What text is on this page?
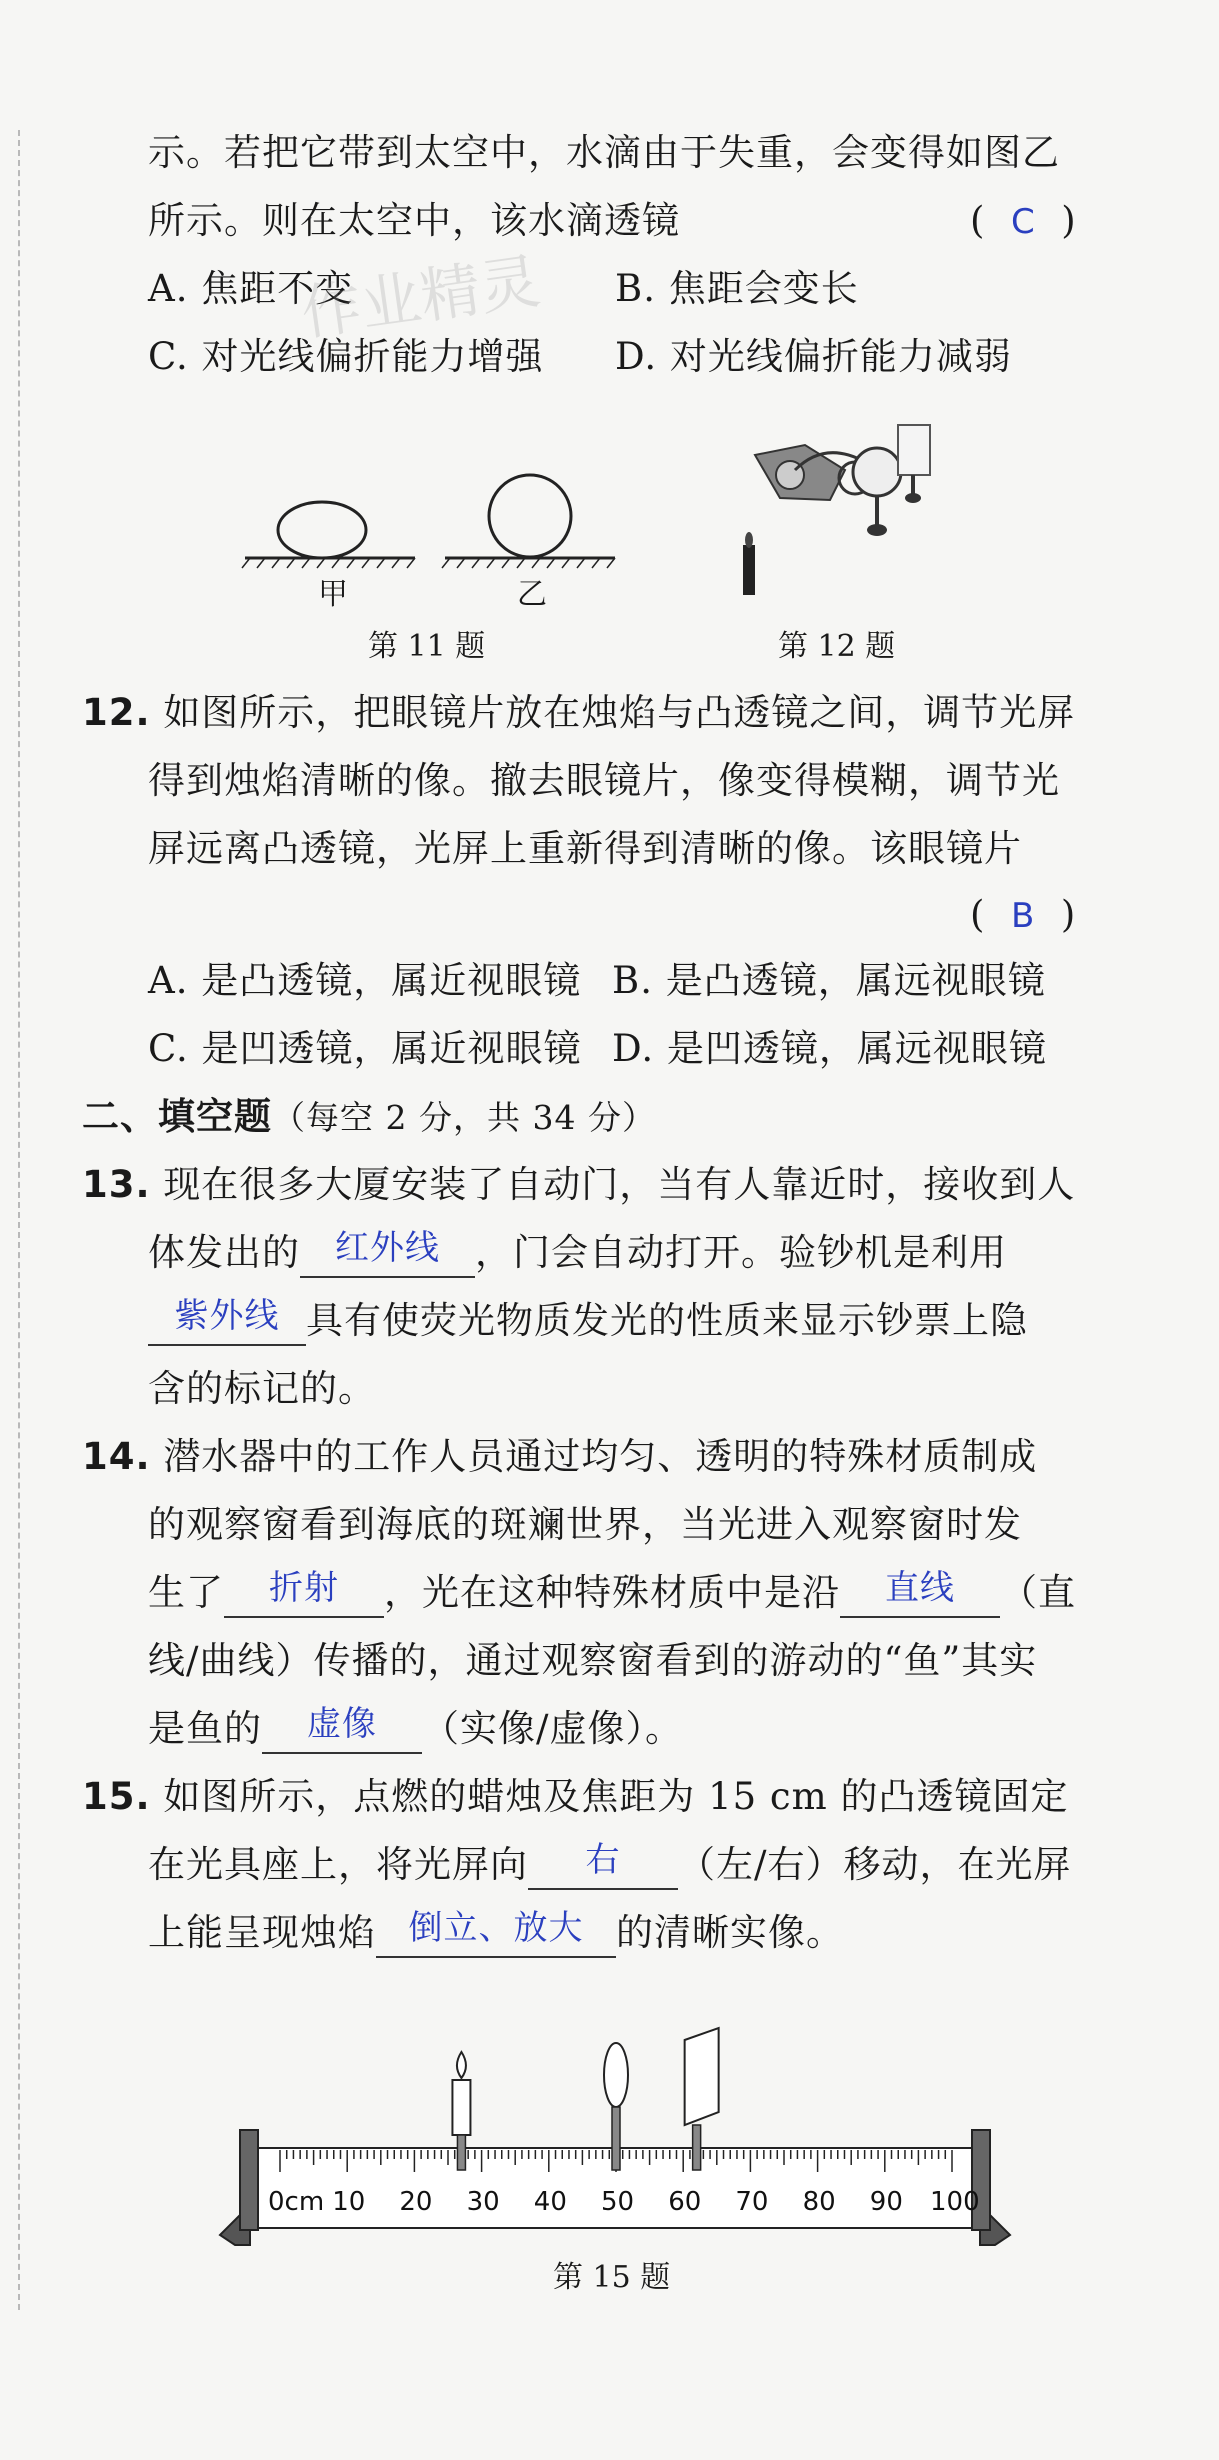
示。若把它带到太空中，水滴由于失重，会变得如图乙
所示。则在太空中，该水滴透镜	(  C  )
A. 焦距不变	B. 焦距会变长
C. 对光线偏折能力增强 D. 对光线偏折能力减弱
作业精灵
甲	乙
第 11 题	第 12 题
12. 如图所示，把眼镜片放在烛焰与凸透镜之间，调节光屏
得到烛焰清晰的像。撤去眼镜片，像变得模糊，调节光
屏远离凸透镜，光屏上重新得到清晰的像。该眼镜片
(  B  )
A. 是凸透镜，属近视眼镜 B. 是凸透镜，属远视眼镜
C. 是凹透镜，属近视眼镜 D. 是凹透镜，属远视眼镜
二、填空题（每空 2 分，共 34 分）
13. 现在很多大厦安装了自动门，当有人靠近时，接收到人
体发出的 红外线 ，门会自动打开。验钞机是利用
紫外线 具有使荧光物质发光的性质来显示钞票上隐
含的标记的。
14. 潜水器中的工作人员通过均匀、透明的特殊材质制成
的观察窗看到海底的斑斓世界，当光进入观察窗时发
生了 折射 ，光在这种特殊材质中是沿 直线 （直
线/曲线）传播的，通过观察窗看到的游动的“鱼”其实
是鱼的 虚像 （实像/虚像）。
15. 如图所示，点燃的蜡烛及焦距为 15 cm 的凸透镜固定
在光具座上，将光屏向 右 （左/右）移动，在光屏
上能呈现烛焰 倒立、放大 的清晰实像。
0cm 10 20 30 40 50 60 70 80 90 100
第 15 题
